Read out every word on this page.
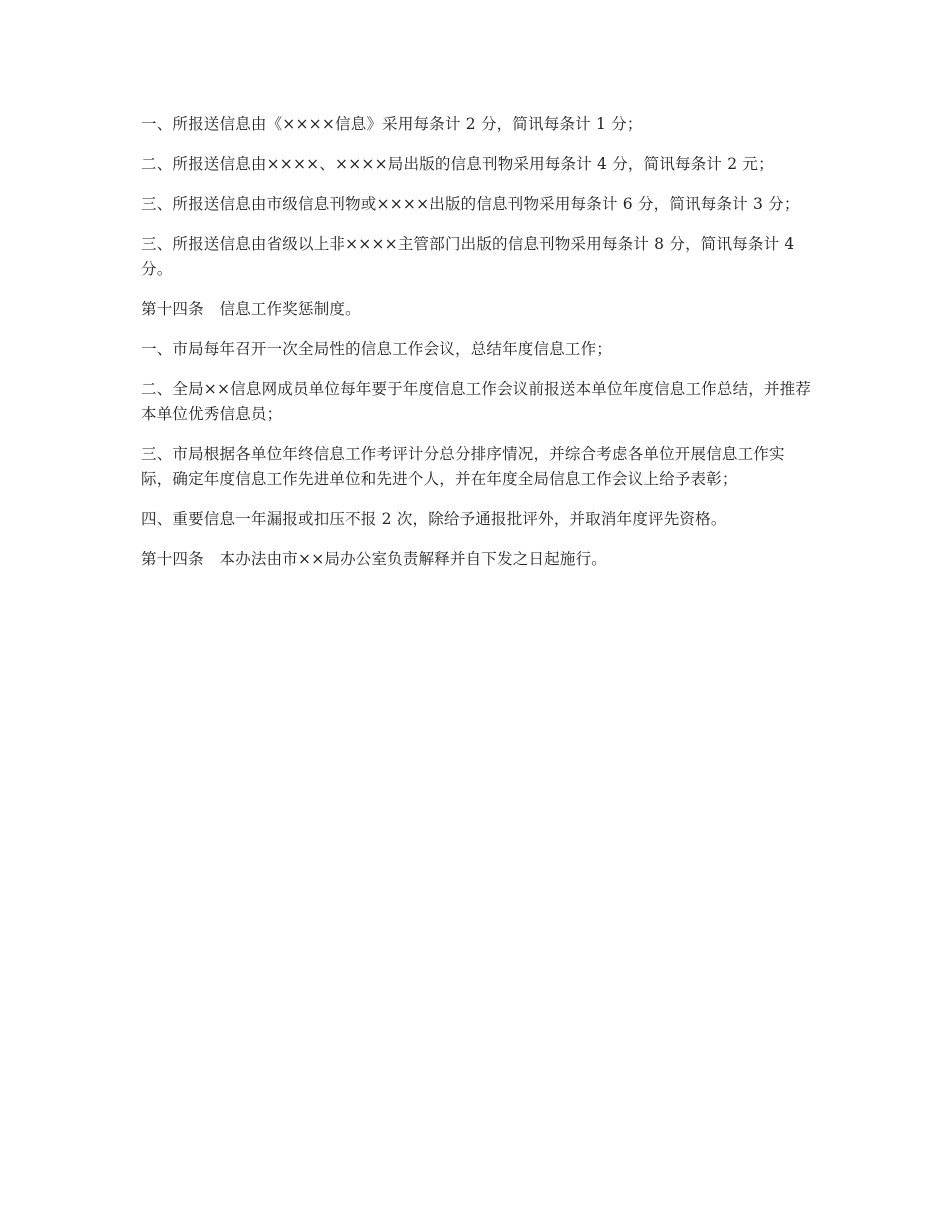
一、所报送信息由《××××信息》采用每条计 2 分，简讯每条计 1 分；

二、所报送信息由××××、××××局出版的信息刊物采用每条计 4 分，简讯每条计 2 元；

三、所报送信息由市级信息刊物或××××出版的信息刊物采用每条计 6 分，简讯每条计 3 分；

三、所报送信息由省级以上非××××主管部门出版的信息刊物采用每条计 8 分，简讯每条计 4 分。

第十四条　信息工作奖惩制度。

一、市局每年召开一次全局性的信息工作会议，总结年度信息工作；

二、全局××信息网成员单位每年要于年度信息工作会议前报送本单位年度信息工作总结，并推荐本单位优秀信息员；

三、市局根据各单位年终信息工作考评计分总分排序情况，并综合考虑各单位开展信息工作实际，确定年度信息工作先进单位和先进个人，并在年度全局信息工作会议上给予表彰；

四、重要信息一年漏报或扣压不报 2 次，除给予通报批评外，并取消年度评先资格。

第十四条　本办法由市××局办公室负责解释并自下发之日起施行。
